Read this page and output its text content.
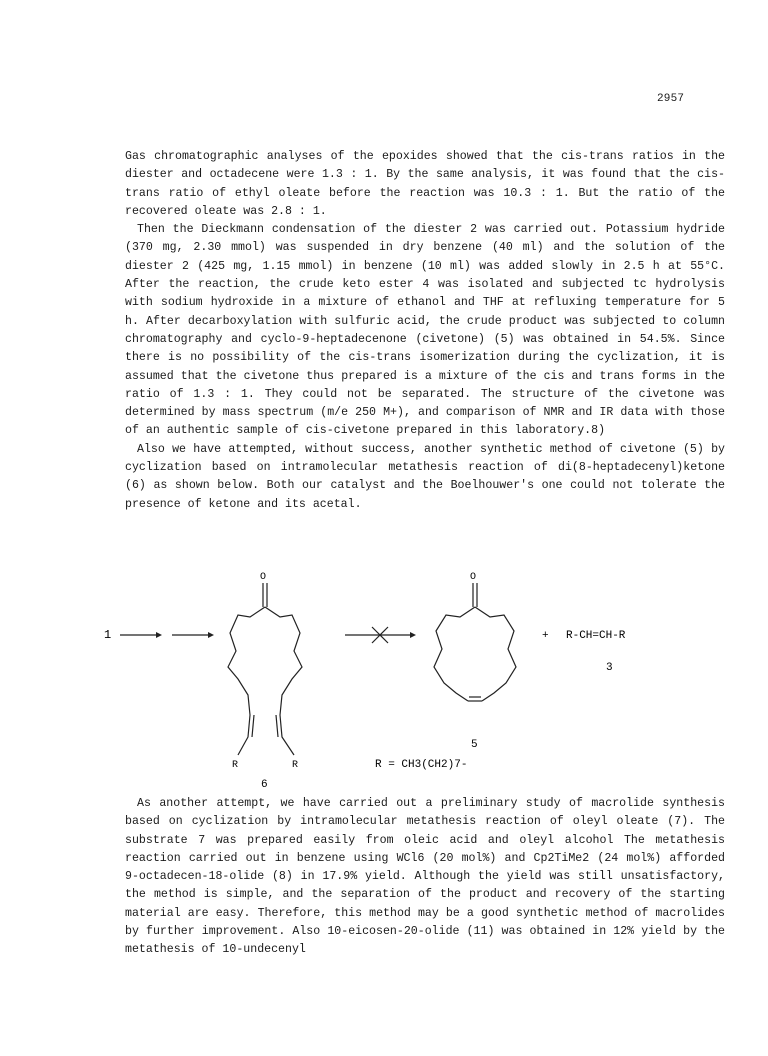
2957

Gas chromatographic analyses of the epoxides showed that the cis-trans ratios in the diester and octadecene were 1.3 : 1. By the same analysis, it was found that the cis-trans ratio of ethyl oleate before the reaction was 10.3 : 1. But the ratio of the recovered oleate was 2.8 : 1.

Then the Dieckmann condensation of the diester 2 was carried out. Potassium hydride (370 mg, 2.30 mmol) was suspended in dry benzene (40 ml) and the solution of the diester 2 (425 mg, 1.15 mmol) in benzene (10 ml) was added slowly in 2.5 h at 55°C. After the reaction, the crude keto ester 4 was isolated and subjected tc hydrolysis with sodium hydroxide in a mixture of ethanol and THF at refluxing temperature for 5 h. After decarboxylation with sulfuric acid, the crude product was subjected to column chromatography and cyclo-9-heptadecenone (civetone) (5) was obtained in 54.5%. Since there is no possibility of the cis-trans isomerization during the cyclization, it is assumed that the civetone thus prepared is a mixture of the cis and trans forms in the ratio of 1.3 : 1. They could not be separated. The structure of the civetone was determined by mass spectrum (m/e 250 M+), and comparison of NMR and IR data with those of an authentic sample of cis-civetone prepared in this laboratory.8)

Also we have attempted, without success, another synthetic method of civetone (5) by cyclization based on intramolecular metathesis reaction of di(8-heptadecenyl)ketone (6) as shown below. Both our catalyst and the Boelhouwer's one could not tolerate the presence of ketone and its acetal.

1
O
R	R
6
O
5
+ R-CH=CH-R
3
R = CH3(CH2)7-

As another attempt, we have carried out a preliminary study of macrolide synthesis based on cyclization by intramolecular metathesis reaction of oleyl oleate (7). The substrate 7 was prepared easily from oleic acid and oleyl alcohol The metathesis reaction carried out in benzene using WCl6 (20 mol%) and Cp2TiMe2 (24 mol%) afforded 9-octadecen-18-olide (8) in 17.9% yield. Although the yield was still unsatisfactory, the method is simple, and the separation of the product and recovery of the starting material are easy. Therefore, this method may be a good synthetic method of macrolides by further improvement. Also 10-eicosen-20-olide (11) was obtained in 12% yield by the metathesis of 10-undecenyl
